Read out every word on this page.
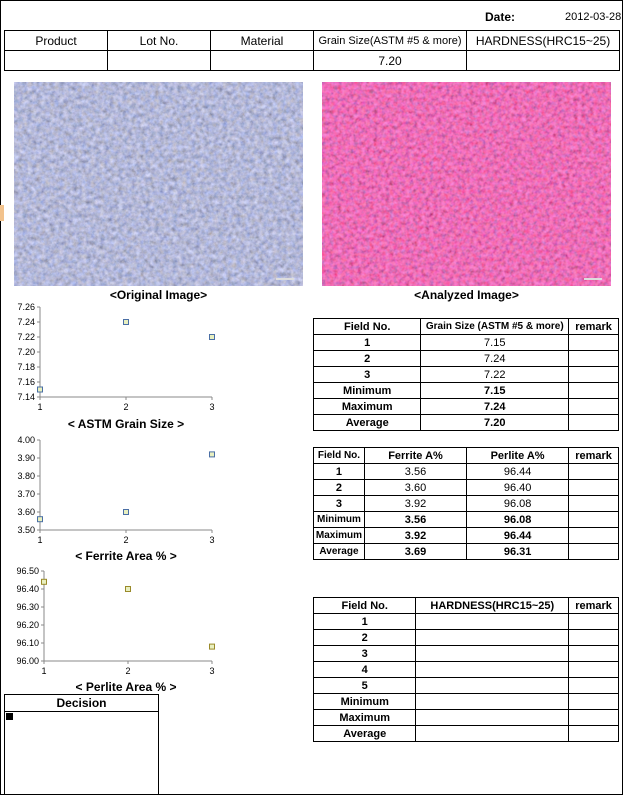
Date:	2012-03-28
Product	Lot No.	Material	Grain Size(ASTM #5 & more)	HARDNESS(HRC15~25)
			7.20	
<Original Image>	<Analyzed Image>
7.14
7.16
7.18
7.20
7.22
7.24
7.26
1	2	3
< ASTM Grain Size >
3.50
3.60
3.70
3.80
3.90
4.00
1	2	3
< Ferrite Area % >
96.00
96.10
96.20
96.30
96.40
96.50
1	2	3
< Perlite Area % >
Field No.	Grain Size (ASTM #5 & more)	remark
1	7.15	
2	7.24	
3	7.22	
Minimum	7.15	
Maximum	7.24	
Average	7.20	
Field No.	Ferrite A%	Perlite A%	remark
1	3.56	96.44	
2	3.60	96.40	
3	3.92	96.08	
Minimum	3.56	96.08	
Maximum	3.92	96.44	
Average	3.69	96.31	
Field No.	HARDNESS(HRC15~25)	remark
1		
2		
3		
4		
5		
Minimum		
Maximum		
Average		
Decision
